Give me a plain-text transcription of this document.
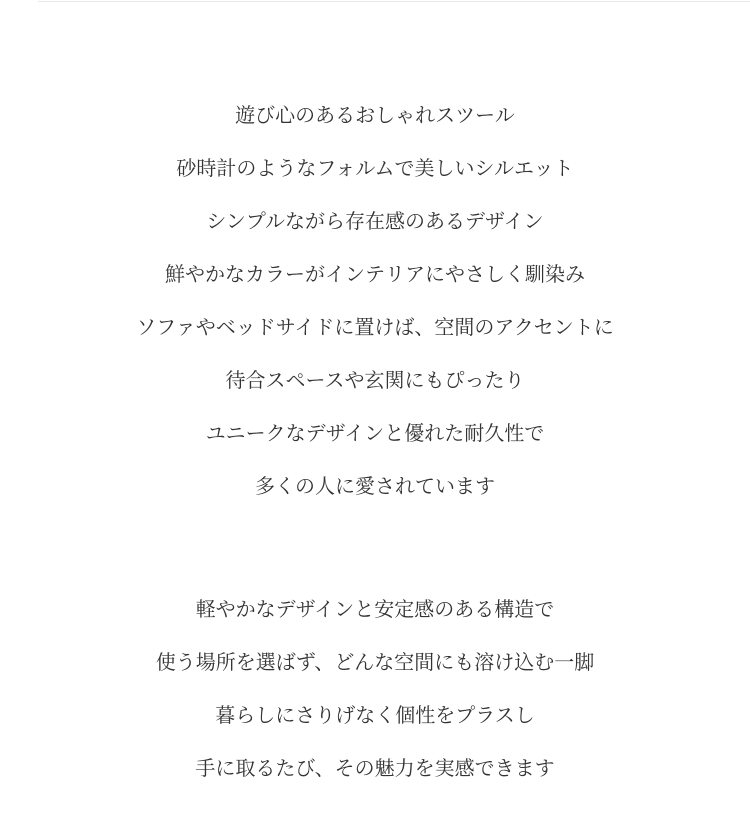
遊び心のあるおしゃれスツール
砂時計のようなフォルムで美しいシルエット
シンプルながら存在感のあるデザイン
鮮やかなカラーがインテリアにやさしく馴染み
ソファやベッドサイドに置けば、空間のアクセントに
待合スペースや玄関にもぴったり
ユニークなデザインと優れた耐久性で
多くの人に愛されています
軽やかなデザインと安定感のある構造で
使う場所を選ばず、どんな空間にも溶け込む一脚
暮らしにさりげなく個性をプラスし
手に取るたび、その魅力を実感できます
